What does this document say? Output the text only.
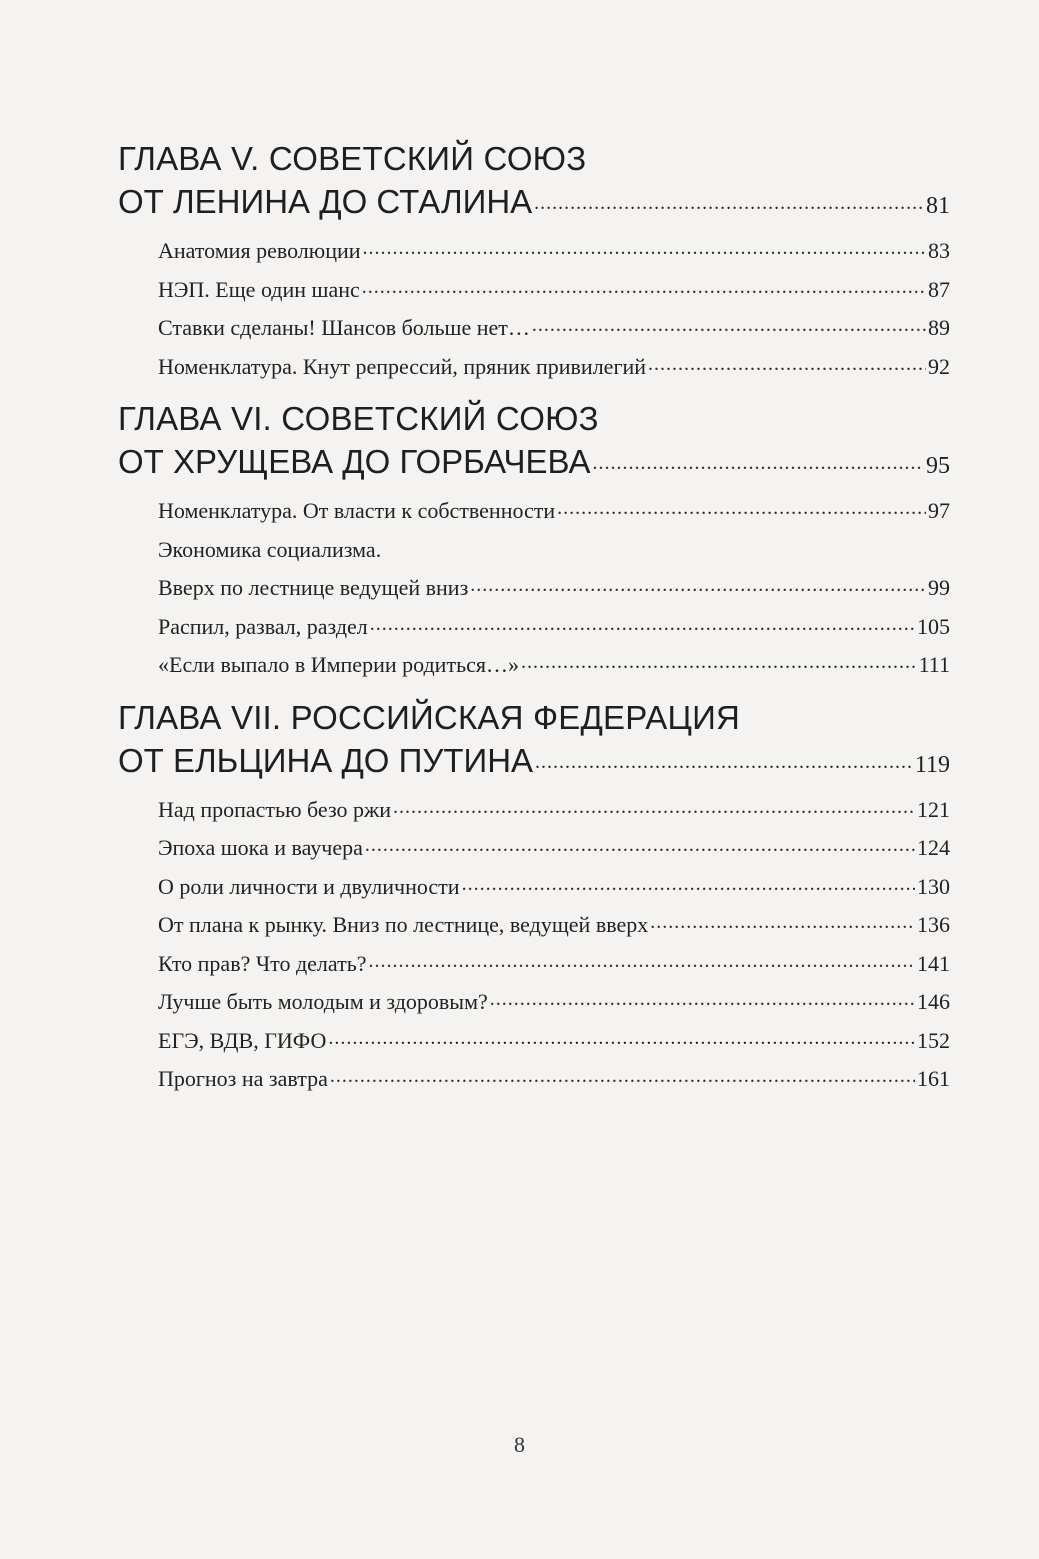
ГЛАВА V. СОВЕТСКИЙ СОЮЗ
ОТ ЛЕНИНА ДО СТАЛИНА .....	81
Анатомия революции .....	83
НЭП. Еще один шанс .....	87
Ставки сделаны! Шансов больше нет… .....	89
Номенклатура. Кнут репрессий, пряник привилегий .....	92
ГЛАВА VI. СОВЕТСКИЙ СОЮЗ
ОТ ХРУЩЕВА ДО ГОРБАЧЕВА .....	95
Номенклатура. От власти к собственности .....	97
Экономика социализма.
Вверх по лестнице ведущей вниз .....	99
Распил, развал, раздел .....	105
«Если выпало в Империи родиться…» .....	111
ГЛАВА VII. РОССИЙСКАЯ ФЕДЕРАЦИЯ
ОТ ЕЛЬЦИНА ДО ПУТИНА .....	119
Над пропастью безо ржи .....	121
Эпоха шока и ваучера .....	124
О роли личности и двуличности .....	130
От плана к рынку. Вниз по лестнице, ведущей вверх .....	136
Кто прав? Что делать? .....	141
Лучше быть молодым и здоровым? .....	146
ЕГЭ, ВДВ, ГИФО .....	152
Прогноз на завтра .....	161
8
